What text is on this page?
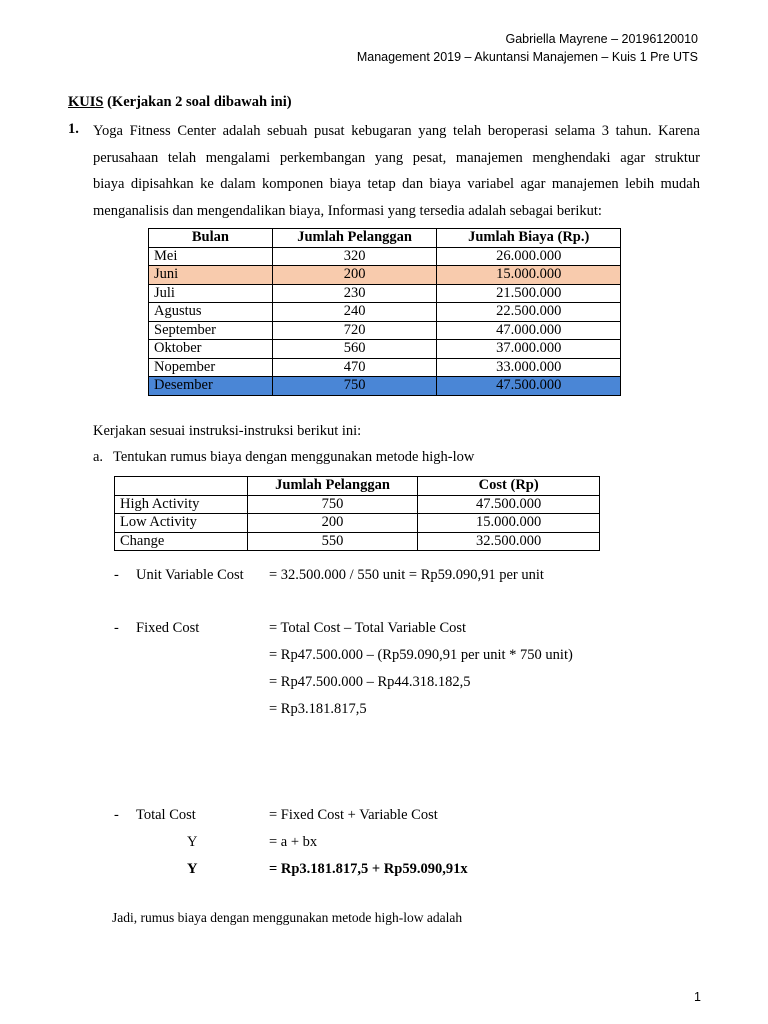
Gabriella Mayrene – 20196120010
Management 2019 – Akuntansi Manajemen – Kuis 1 Pre UTS
KUIS (Kerjakan 2 soal dibawah ini)
1. Yoga Fitness Center adalah sebuah pusat kebugaran yang telah beroperasi selama 3 tahun. Karena

perusahaan telah mengalami perkembangan yang pesat, manajemen menghendaki agar struktur

biaya dipisahkan ke dalam komponen biaya tetap dan biaya variabel agar manajemen lebih mudah

menganalisis dan mengendalikan biaya, Informasi yang tersedia adalah sebagai berikut:

Bulan	Jumlah Pelanggan	Jumlah Biaya (Rp.)
Mei	320	26.000.000
Juni	200	15.000.000
Juli	230	21.500.000
Agustus	240	22.500.000
September	720	47.000.000
Oktober	560	37.000.000
Nopember	470	33.000.000
Desember	750	47.500.000
Kerjakan sesuai instruksi-instruksi berikut ini:
a. Tentukan rumus biaya dengan menggunakan metode high-low
	Jumlah Pelanggan	Cost (Rp)
High Activity	750	47.500.000
Low Activity	200	15.000.000
Change	550	32.500.000
- Unit Variable Cost = 32.500.000 / 550 unit = Rp59.090,91 per unit
- Fixed Cost	= Total Cost – Total Variable Cost
= Rp47.500.000 – (Rp59.090,91 per unit * 750 unit)
= Rp47.500.000 – Rp44.318.182,5
= Rp3.181.817,5
- Total Cost	= Fixed Cost + Variable Cost
Y	= a + bx
Y	= Rp3.181.817,5 + Rp59.090,91x
Jadi, rumus biaya dengan menggunakan metode high-low adalah
1
